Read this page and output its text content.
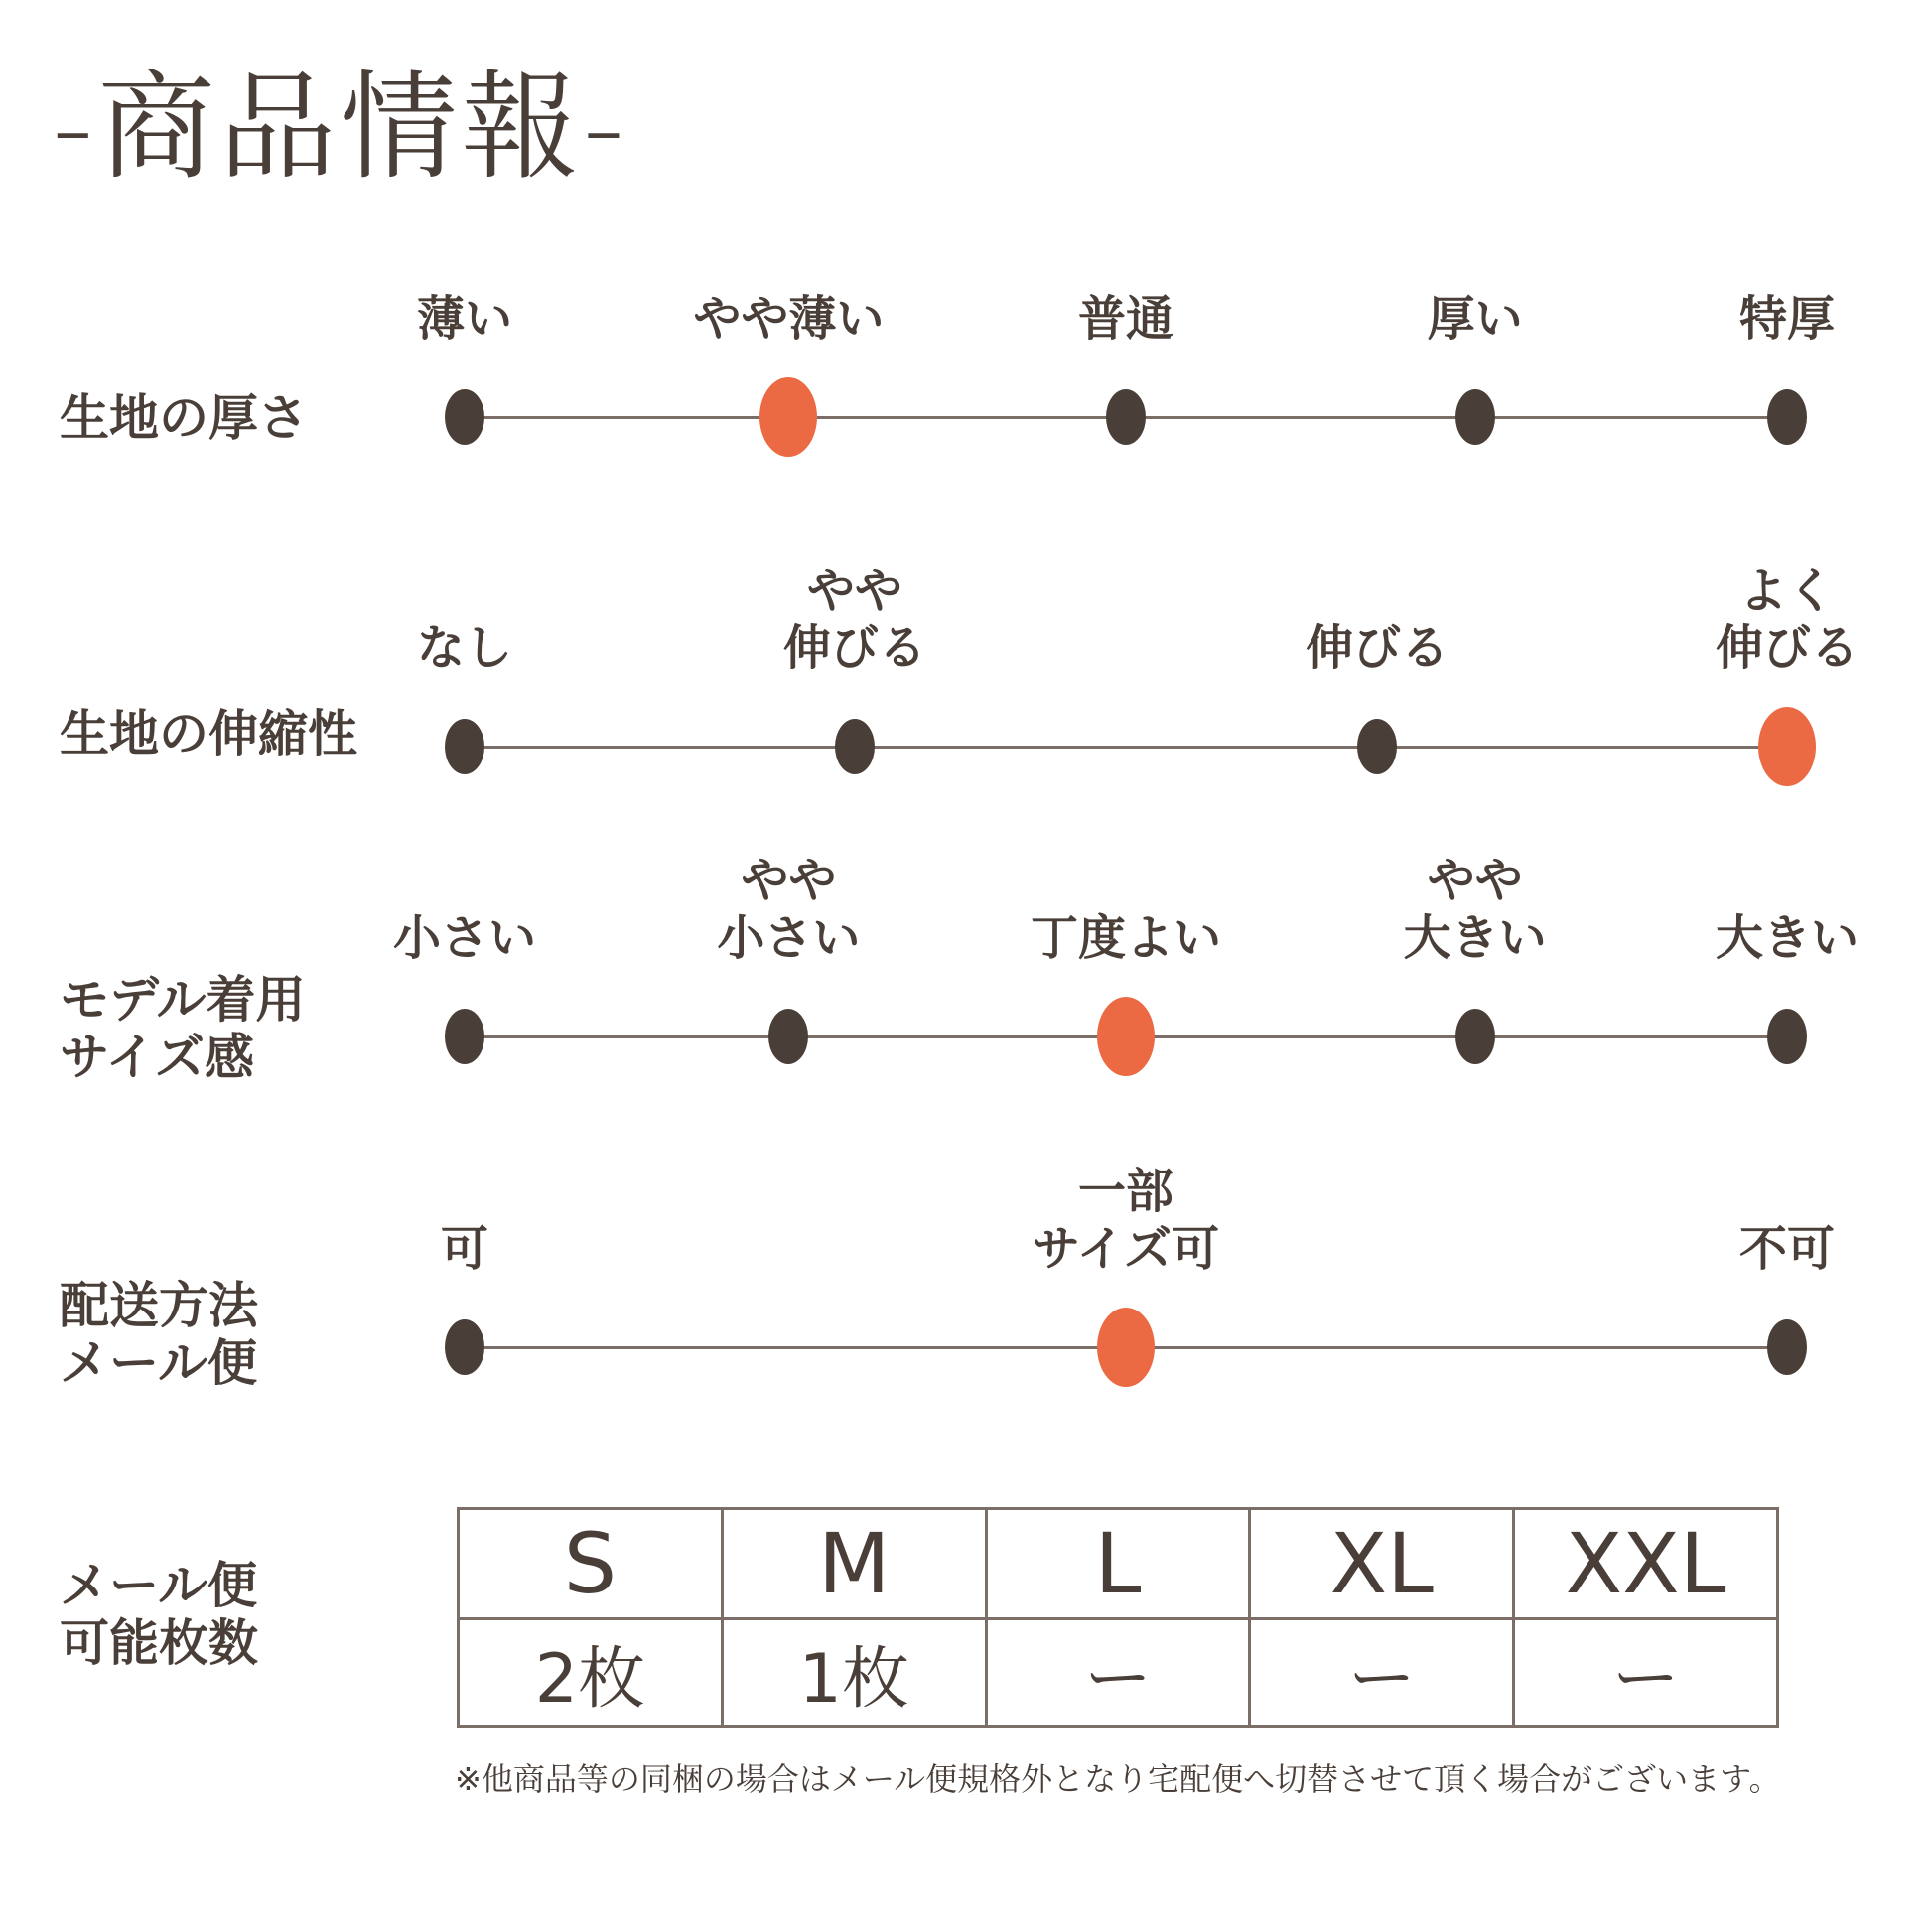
-商品情報-
生地の厚さ
薄い	やや薄い	普通	厚い	特厚
生地の伸縮性
なし
やや
伸びる	伸びる
よく
伸びる
モデル着用
サイズ感
小さい
やや
小さい	丁度よい
やや
大きい	大きい
配送方法
メール便
可
一部
サイズ可	不可
メール便
可能枚数
S	M	L	XL	XXL
2枚	1枚	ー	ー	ー
※他商品等の同梱の場合はメール便規格外となり宅配便へ切替させて頂く場合がございます。
